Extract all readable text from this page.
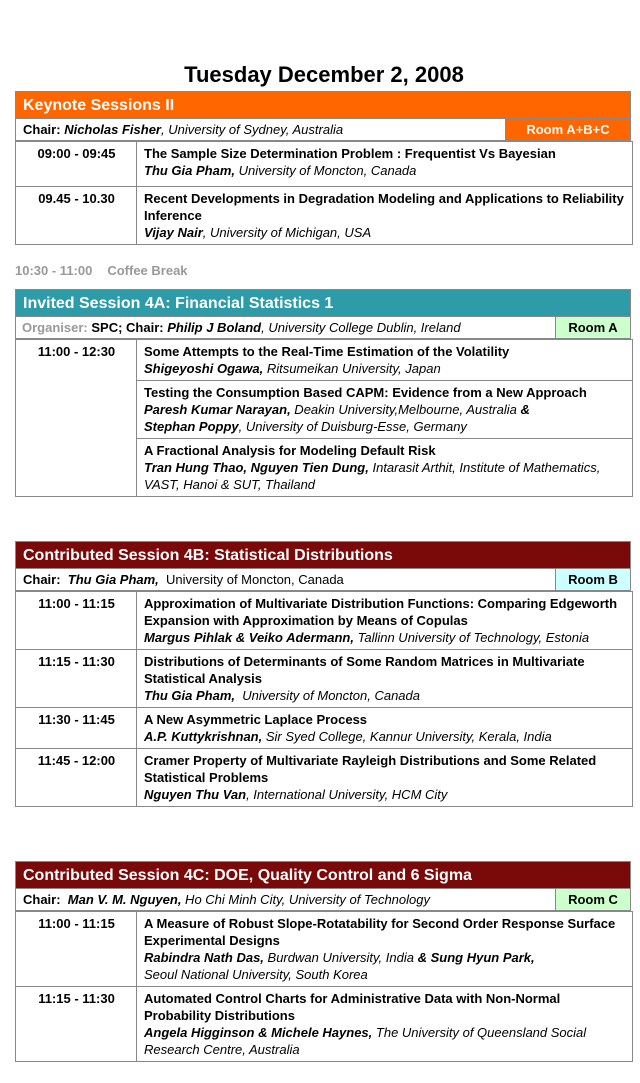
Tuesday December 2, 2008
Keynote Sessions II
Chair: Nicholas Fisher, University of Sydney, Australia	Room A+B+C
09:00 - 09:45	The Sample Size Determination Problem : Frequentist Vs Bayesian
Thu Gia Pham, University of Moncton, Canada

09.45 - 10.30	Recent Developments in Degradation Modeling and Applications to Reliability Inference
Vijay Nair, University of Michigan, USA
10:30 - 11:00 Coffee Break
Invited Session 4A: Financial Statistics 1
Organiser: SPC; Chair: Philip J Boland, University College Dublin, Ireland	Room A
11:00 - 12:30	Some Attempts to the Real-Time Estimation of the Volatility
Shigeyoshi Ogawa, Ritsumeikan University, Japan

Testing the Consumption Based CAPM: Evidence from a New Approach
Paresh Kumar Narayan, Deakin University,Melbourne, Australia &
Stephan Poppy, University of Duisburg-Esse, Germany

A Fractional Analysis for Modeling Default Risk
Tran Hung Thao, Nguyen Tien Dung, Intarasit Arthit, Institute of Mathematics, VAST, Hanoi & SUT, Thailand
Contributed Session 4B: Statistical Distributions
Chair:  Thu Gia Pham,  University of Moncton, Canada	Room B
11:00 - 11:15	Approximation of Multivariate Distribution Functions: Comparing Edgeworth Expansion with Approximation by Means of Copulas
Margus Pihlak & Veiko Adermann, Tallinn University of Technology, Estonia

11:15 - 11:30	Distributions of Determinants of Some Random Matrices in Multivariate Statistical Analysis
Thu Gia Pham,  University of Moncton, Canada

11:30 - 11:45	A New Asymmetric Laplace Process
A.P. Kuttykrishnan, Sir Syed College, Kannur University, Kerala, India

11:45 - 12:00	Cramer Property of Multivariate Rayleigh Distributions and Some Related Statistical Problems
Nguyen Thu Van, International University, HCM City
Contributed Session 4C: DOE, Quality Control and 6 Sigma
Chair:  Man V. M. Nguyen, Ho Chi Minh City, University of Technology	Room C
11:00 - 11:15	A Measure of Robust Slope-Rotatability for Second Order Response Surface Experimental Designs
Rabindra Nath Das, Burdwan University, India & Sung Hyun Park,
Seoul National University, South Korea

11:15 - 11:30	Automated Control Charts for Administrative Data with Non-Normal Probability Distributions
Angela Higginson & Michele Haynes, The University of Queensland Social Research Centre, Australia
